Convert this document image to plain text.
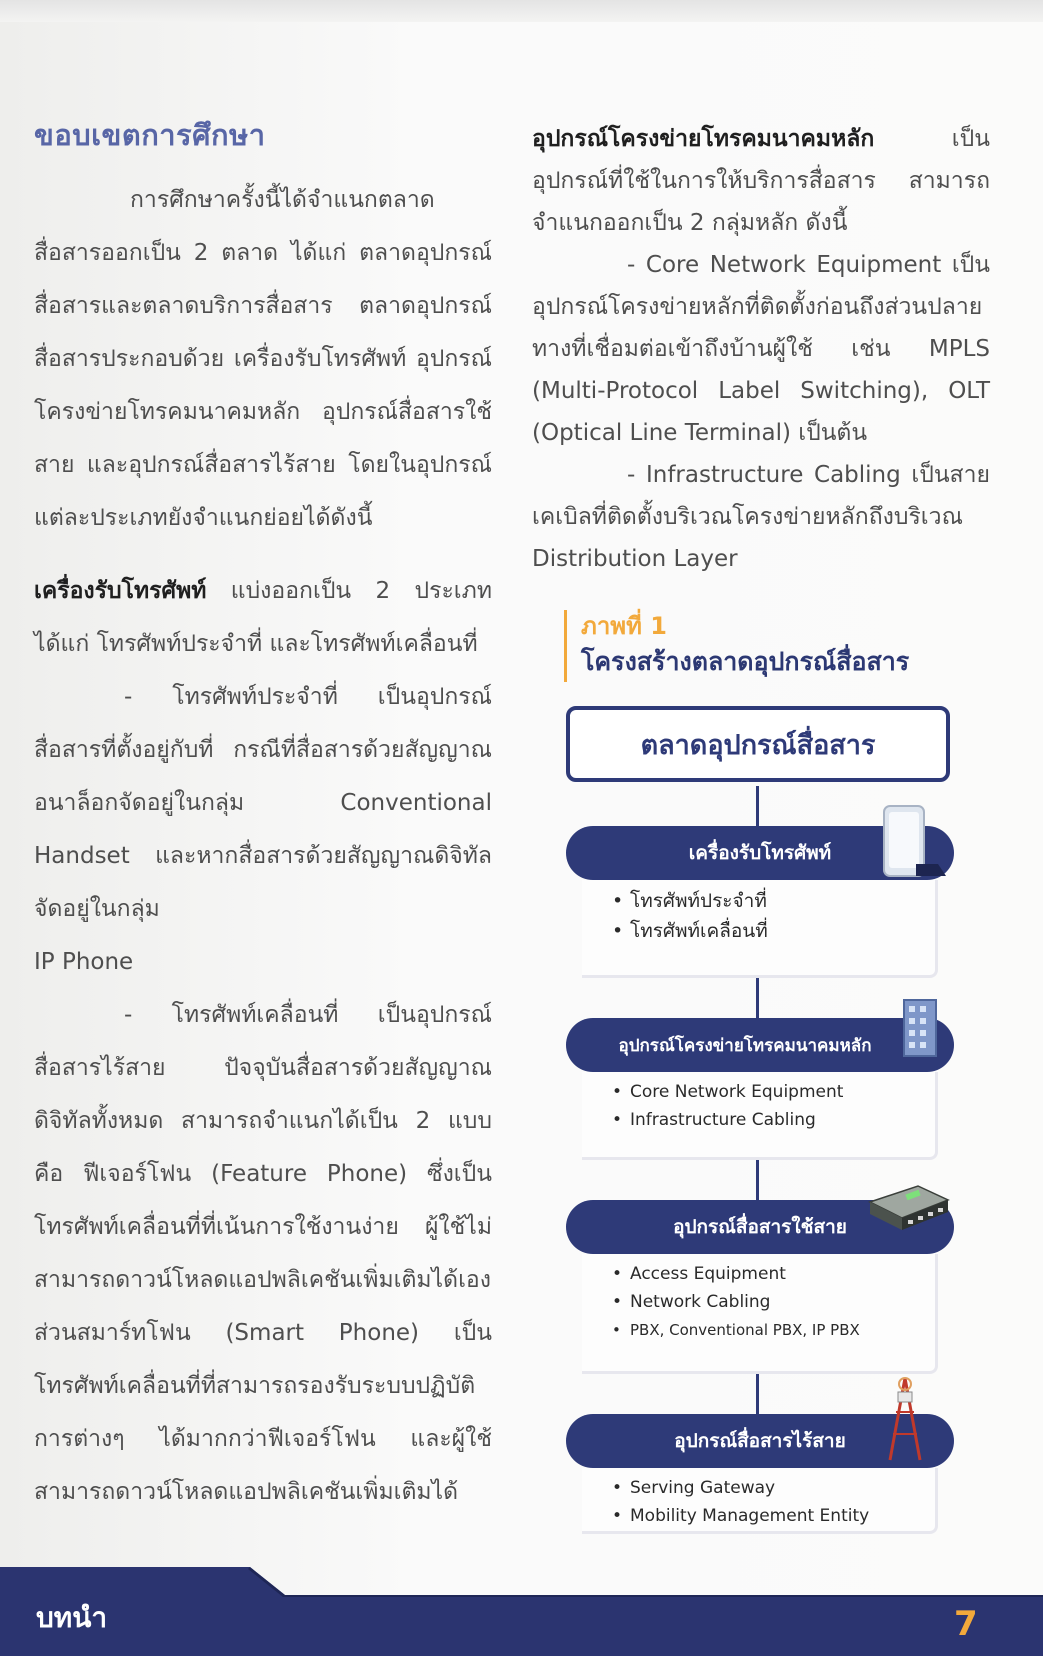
ขอบเขตการศึกษา

การศึกษาครั้งนี้ได้จำแนกตลาดสื่อสารออกเป็น 2 ตลาด ได้แก่ ตลาดอุปกรณ์สื่อสารและตลาดบริการสื่อสาร ตลาดอุปกรณ์สื่อสารประกอบด้วย เครื่องรับโทรศัพท์ อุปกรณ์โครงข่ายโทรคมนาคมหลัก อุปกรณ์สื่อสารใช้สาย และอุปกรณ์สื่อสารไร้สาย โดยในอุปกรณ์แต่ละประเภทยังจำแนกย่อยได้ดังนี้

เครื่องรับโทรศัพท์ แบ่งออกเป็น 2 ประเภท ได้แก่ โทรศัพท์ประจำที่ และโทรศัพท์เคลื่อนที่

- โทรศัพท์ประจำที่ เป็นอุปกรณ์สื่อสารที่ตั้งอยู่กับที่ กรณีที่สื่อสารด้วยสัญญาณอนาล็อกจัดอยู่ในกลุ่ม Conventional Handset และหากสื่อสารด้วยสัญญาณดิจิทัลจัดอยู่ในกลุ่ม

IP Phone

- โทรศัพท์เคลื่อนที่ เป็นอุปกรณ์สื่อสารไร้สาย ปัจจุบันสื่อสารด้วยสัญญาณดิจิทัลทั้งหมด สามารถจำแนกได้เป็น 2 แบบ คือ ฟีเจอร์โฟน (Feature Phone) ซึ่งเป็นโทรศัพท์เคลื่อนที่ที่เน้นการใช้งานง่าย ผู้ใช้ไม่สามารถดาวน์โหลดแอปพลิเคชันเพิ่มเติมได้เอง ส่วนสมาร์ทโฟน (Smart Phone) เป็นโทรศัพท์เคลื่อนที่ที่สามารถรองรับระบบปฏิบัติการต่างๆ ได้มากกว่าฟีเจอร์โฟน และผู้ใช้สามารถดาวน์โหลดแอปพลิเคชันเพิ่มเติมได้

อุปกรณ์โครงข่ายโทรคมนาคมหลัก เป็นอุปกรณ์ที่ใช้ในการให้บริการสื่อสาร สามารถจำแนกออกเป็น 2 กลุ่มหลัก ดังนี้

- Core Network Equipment เป็นอุปกรณ์โครงข่ายหลักที่ติดตั้งก่อนถึงส่วนปลายทางที่เชื่อมต่อเข้าถึงบ้านผู้ใช้ เช่น MPLS (Multi-Protocol Label Switching), OLT (Optical Line Terminal) เป็นต้น

- Infrastructure Cabling เป็นสายเคเบิลที่ติดตั้งบริเวณโครงข่ายหลักถึงบริเวณ Distribution Layer

ภาพที่ 1
โครงสร้างตลาดอุปกรณ์สื่อสาร
ตลาดอุปกรณ์สื่อสาร
เครื่องรับโทรศัพท์
• โทรศัพท์ประจำที่
• โทรศัพท์เคลื่อนที่
อุปกรณ์โครงข่ายโทรคมนาคมหลัก
• Core Network Equipment
• Infrastructure Cabling
อุปกรณ์สื่อสารใช้สาย
• Access Equipment
• Network Cabling
• PBX, Conventional PBX, IP PBX
อุปกรณ์สื่อสารไร้สาย
• Serving Gateway
• Mobility Management Entity
บทนำ	7
